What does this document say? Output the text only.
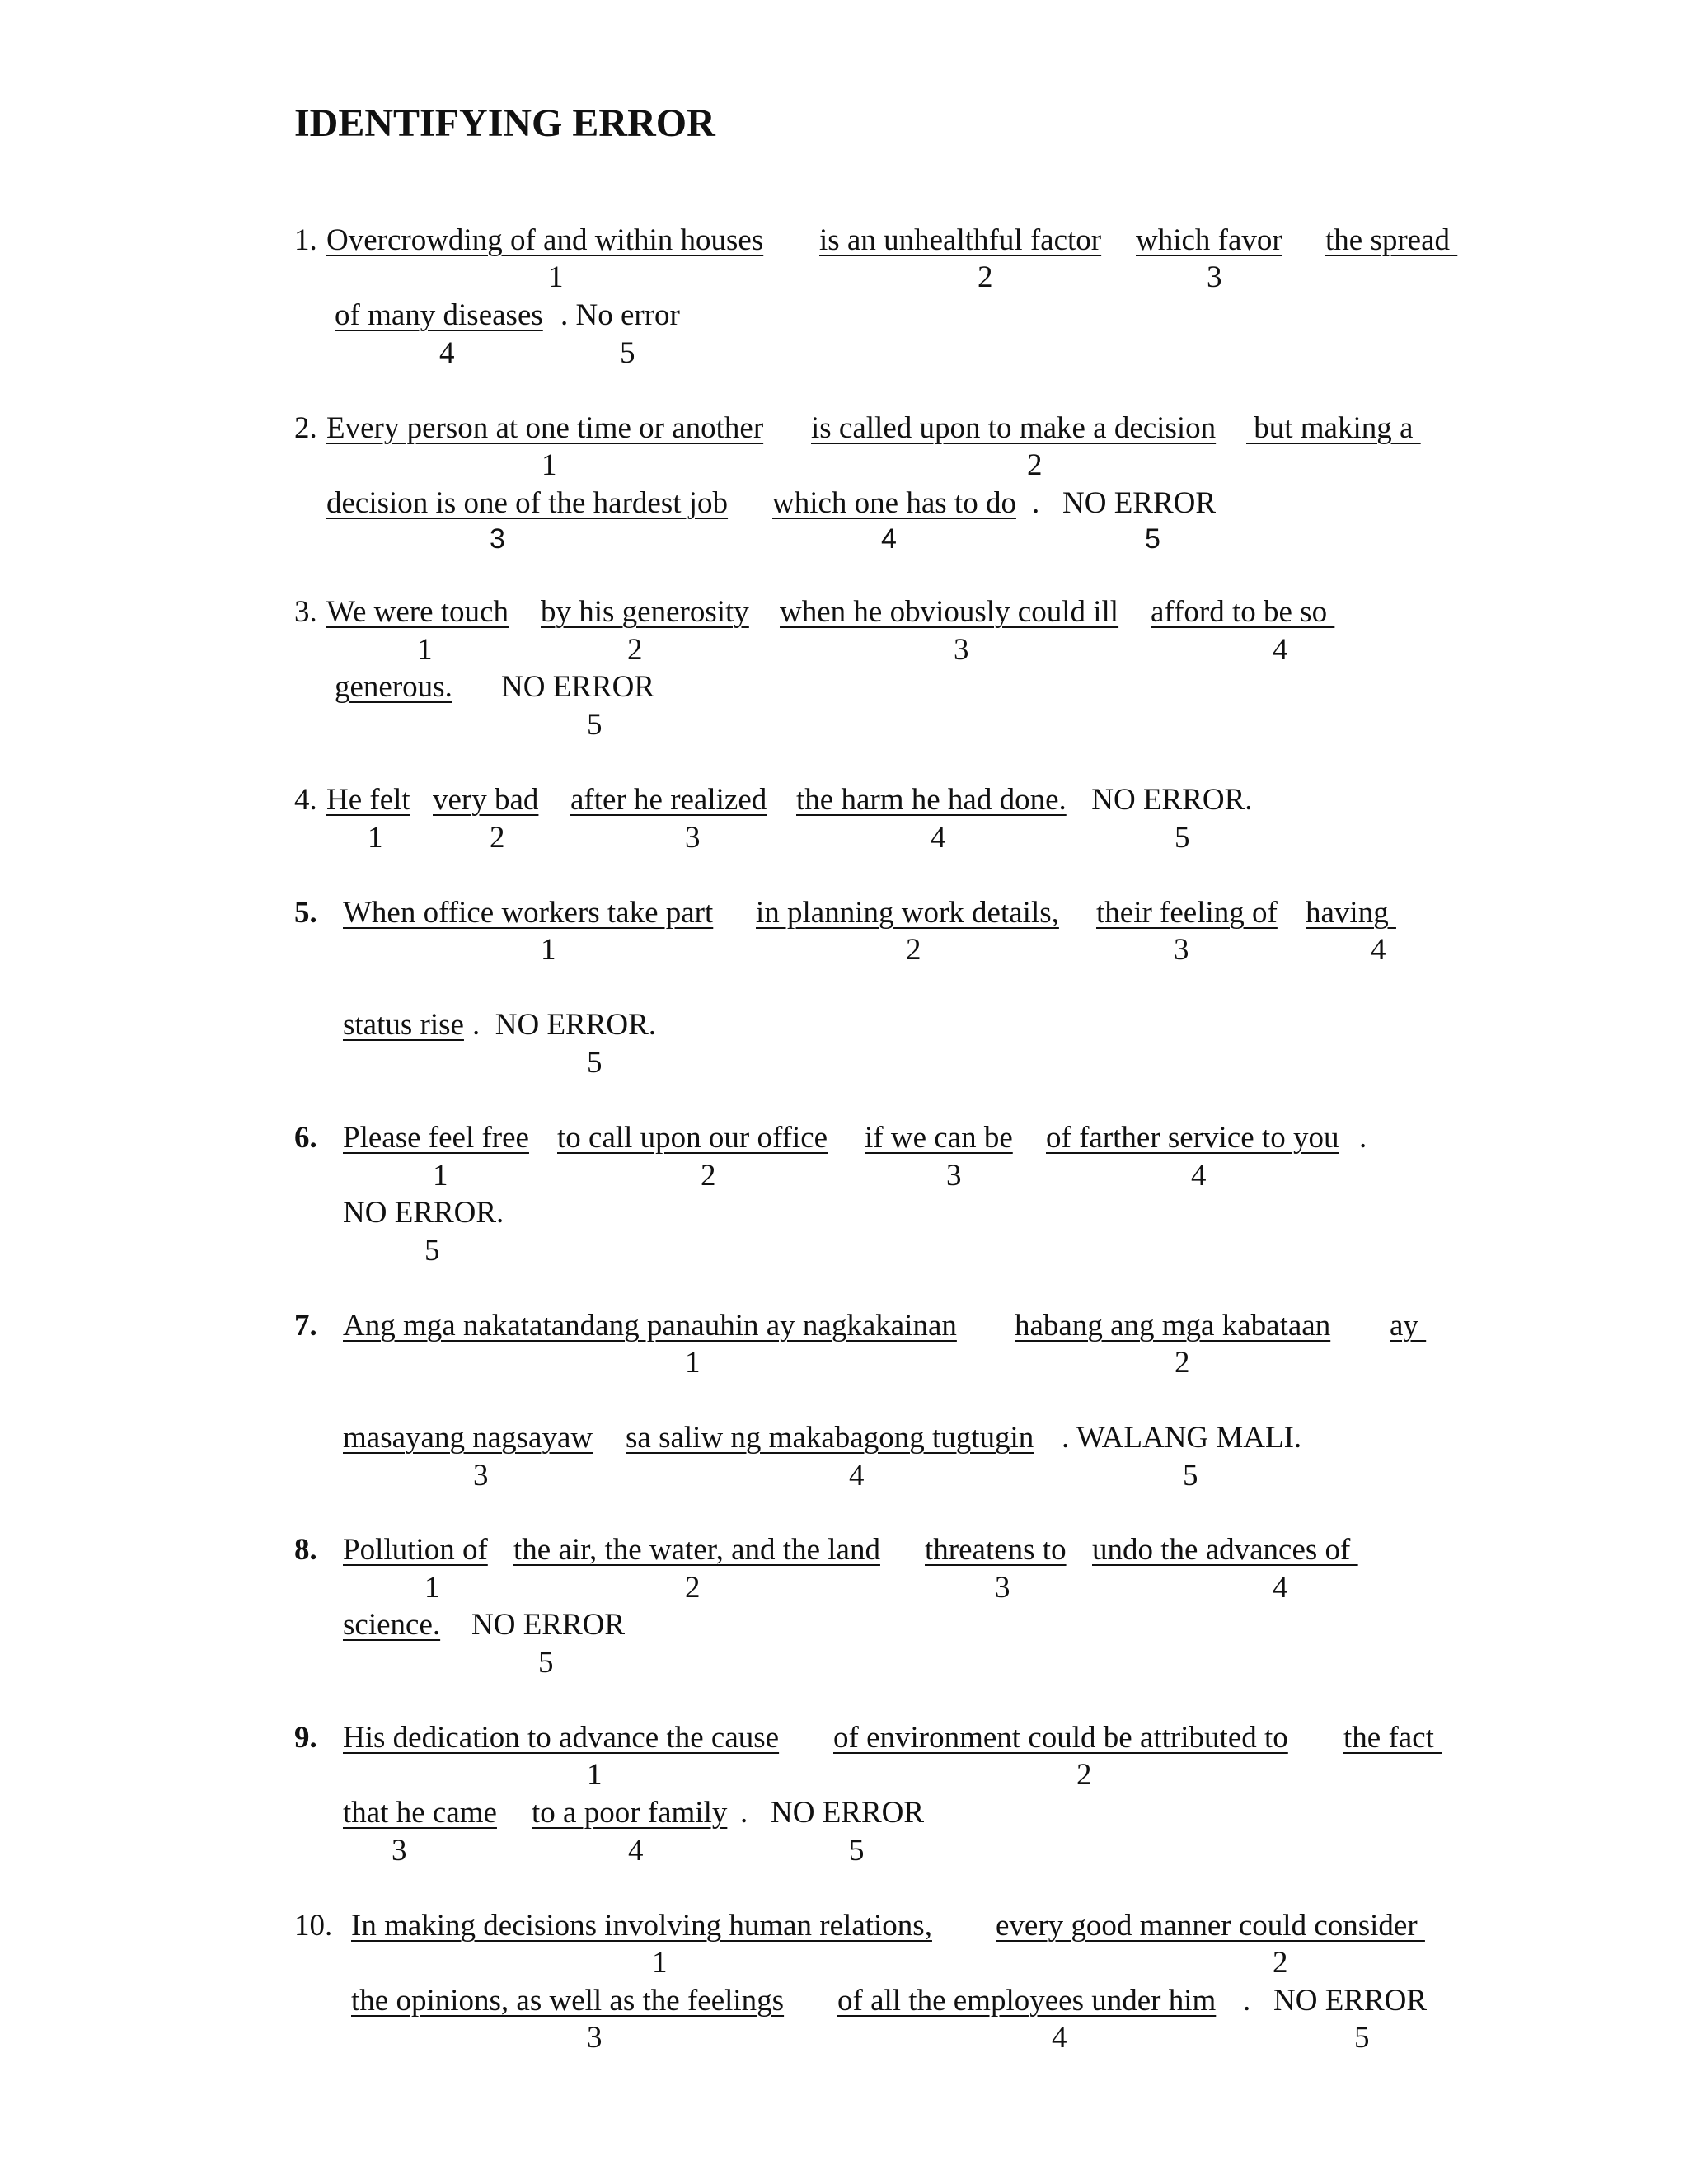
IDENTIFYING ERROR
1. Overcrowding of and within houses is an unhealthful factor which favor the spread
1	2	3
of many diseases . No error
4	5
2. Every person at one time or another is called upon to make a decision but making a
1	2
decision is one of the hardest job which one has to do .   NO ERROR
3	4	5
3. We were touch by his generosity when he obviously could ill afford to be so
1	2	3	4
generous. NO ERROR
5
4. He felt very bad after he realized the harm he had done. NO ERROR.
1	2	3	4	5
5. When office workers take part in planning work details, their feeling of having
1	2	3	4
status rise .  NO ERROR.
5
6. Please feel free to call upon our office if we can be of farther service to you .
1	2	3	4
NO ERROR.
5
7. Ang mga nakatatandang panauhin ay nagkakainan habang ang mga kabataan ay
1	2
masayang nagsayaw sa saliw ng makabagong tugtugin . WALANG MALI.
3	4	5
8. Pollution of the air, the water, and the land threatens to undo the advances of
1	2	3	4
science. NO ERROR
5
9. His dedication to advance the cause of environment could be attributed to the fact
1	2
that he came to a poor family .   NO ERROR
3	4	5
10. In making decisions involving human relations, every good manner could consider
1	2
the opinions, as well as the feelings of all the employees under him .   NO ERROR
3	4	5
